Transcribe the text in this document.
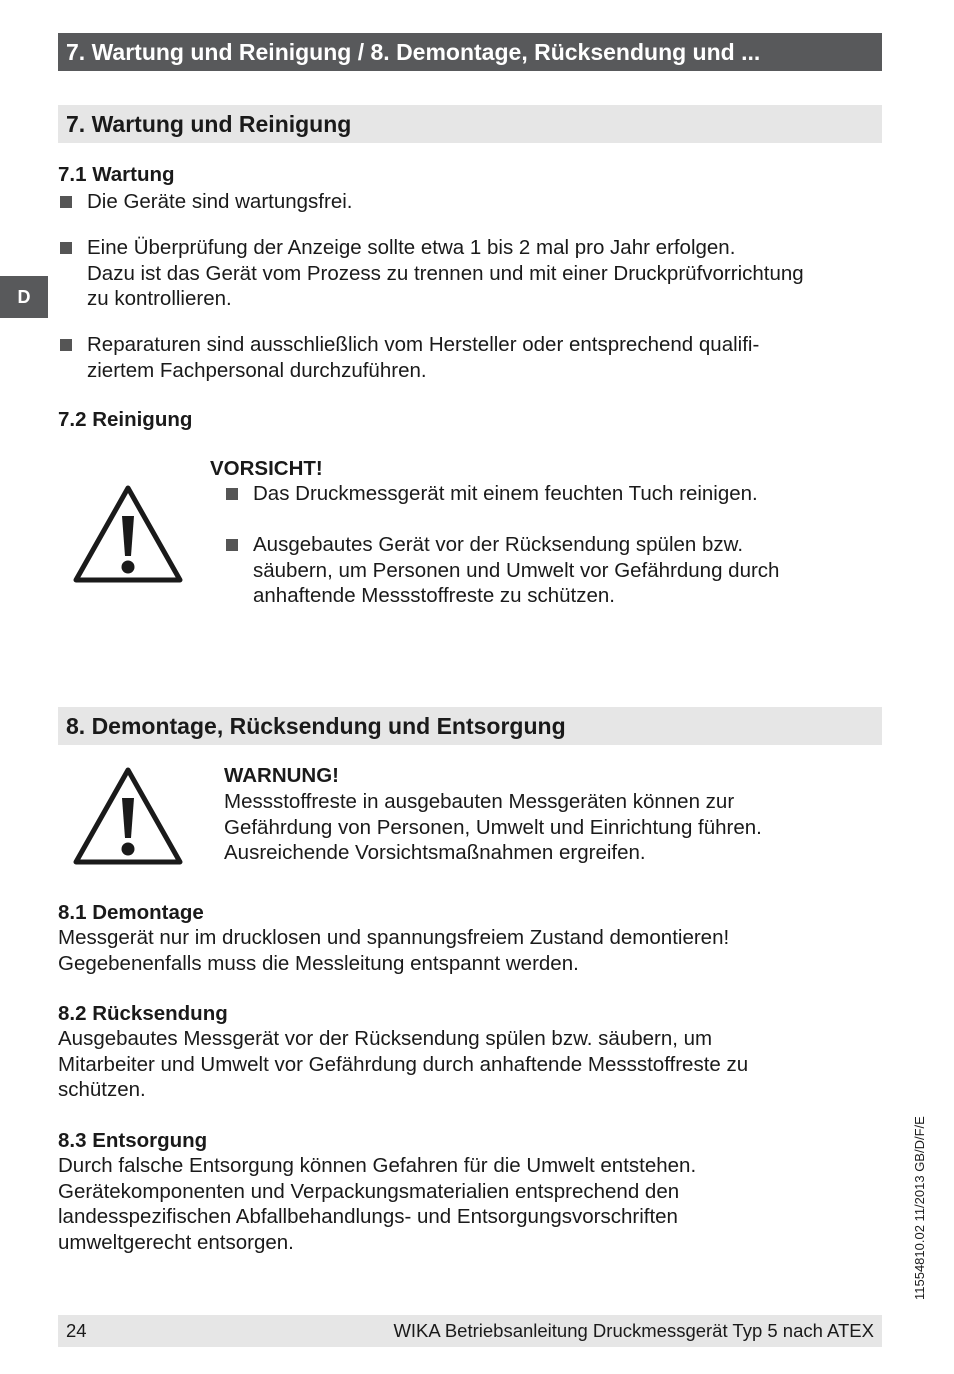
7. Wartung und Reinigung / 8. Demontage, Rücksendung und ...
D
7. Wartung und Reinigung
7.1 Wartung
Die Geräte sind wartungsfrei.
Eine Überprüfung der Anzeige sollte etwa 1 bis 2 mal pro Jahr erfolgen.
Dazu ist das Gerät vom Prozess zu trennen und mit einer Druckprüfvorrichtung
zu kontrollieren.
Reparaturen sind ausschließlich vom Hersteller oder entsprechend qualifi-
ziertem Fachpersonal durchzuführen.
7.2 Reinigung
VORSICHT!
Das Druckmessgerät mit einem feuchten Tuch reinigen.
Ausgebautes Gerät vor der Rücksendung spülen bzw.
säubern, um Personen und Umwelt vor Gefährdung durch
anhaftende Messstoffreste zu schützen.
8. Demontage, Rücksendung und Entsorgung
WARNUNG!
Messstoffreste in ausgebauten Messgeräten können zur
Gefährdung von Personen, Umwelt und Einrichtung führen.
Ausreichende Vorsichtsmaßnahmen ergreifen.
8.1 Demontage
Messgerät nur im drucklosen und spannungsfreiem Zustand demontieren!
Gegebenenfalls muss die Messleitung entspannt werden.
8.2 Rücksendung
Ausgebautes Messgerät vor der Rücksendung spülen bzw. säubern, um
Mitarbeiter und Umwelt vor Gefährdung durch anhaftende Messstoffreste zu
schützen.
8.3 Entsorgung
Durch falsche Entsorgung können Gefahren für die Umwelt entstehen.
Gerätekomponenten und Verpackungsmaterialien entsprechend den
landesspezifischen Abfallbehandlungs- und Entsorgungsvorschriften
umweltgerecht entsorgen.	11554810.02 11/2013 GB/D/F/E
24	WIKA Betriebsanleitung Druckmessgerät Typ 5 nach ATEX
